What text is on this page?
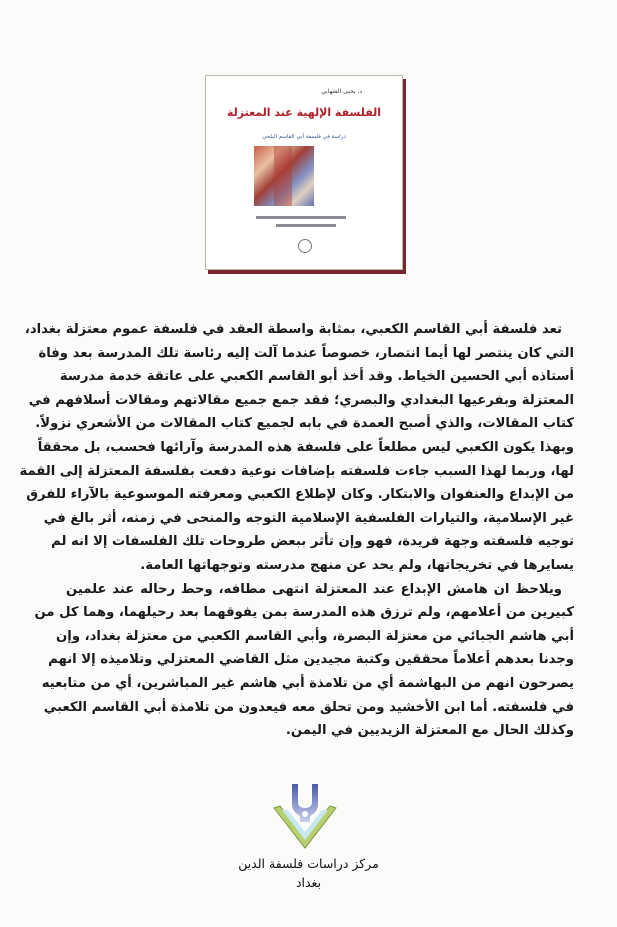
د. يحيى الشهابي
الفلسفة الإلهية عند المعتزلة
دراسة في فلسفة أبي القاسم البلخي
تعد فلسفة أبي القاسم الكعبي، بمثابة واسطة العقد في فلسفة عموم معتزلة بغداد،
التي كان ينتصر لها أيما انتصار، خصوصاً عندما آلت إليه رئاسة تلك المدرسة بعد وفاة
أستاذه أبي الحسين الخياط. وقد أخذ أبو القاسم الكعبي على عاتقة خدمة مدرسة
المعتزلة وبفرعيها البغدادي والبصري؛ فقد جمع جميع مقالاتهم ومقالات أسلافهم في
كتاب المقالات، والذي أصبح العمدة في بابه لجميع كتاب المقالات من الأشعري نزولاً.
وبهذا يكون الكعبي ليس مطلعاً على فلسفة هذه المدرسة وآرائها فحسب، بل محققاً
لها، وربما لهذا السبب جاءت فلسفته بإضافات نوعية دفعت بفلسفة المعتزلة إلى القمة
من الإبداع والعنفوان والابتكار. وكان لإطلاع الكعبي ومعرفته الموسوعية بالآراء للفرق
غير الإسلامية، والتيارات الفلسفية الإسلامية التوجه والمنحى في زمنه، أثر بالغ في
توجيه فلسفته وجهة فريدة، فهو وإن تأثر ببعض طروحات تلك الفلسفات إلا انه لم
يسايرها في تخريجاتها، ولم يحد عن منهج مدرسته وتوجهاتها العامة.
ويلاحظ ان هامش الإبداع عند المعتزلة انتهى مطافه، وحط رحاله عند علمين
كبيرين من أعلامهم، ولم ترزق هذه المدرسة بمن يفوقهما بعد رحيلهما، وهما كل من
أبي هاشم الجبائي من معتزلة البصرة، وأبي القاسم الكعبي من معتزلة بغداد، وإن
وجدنا بعدهم أعلاماً محققين وكتبة مجيدين مثل القاضي المعتزلي وتلاميذه إلا انهم
يصرحون انهم من البهاشمة أي من تلامذة أبي هاشم غير المباشرين، أي من متابعيه
في فلسفته. أما ابن الأخشيد ومن تحلق معه فيعدون من تلامذة أبي القاسم الكعبي
وكذلك الحال مع المعتزلة الزيديين في اليمن.
مركز دراسات فلسفة الدين
بغداد
